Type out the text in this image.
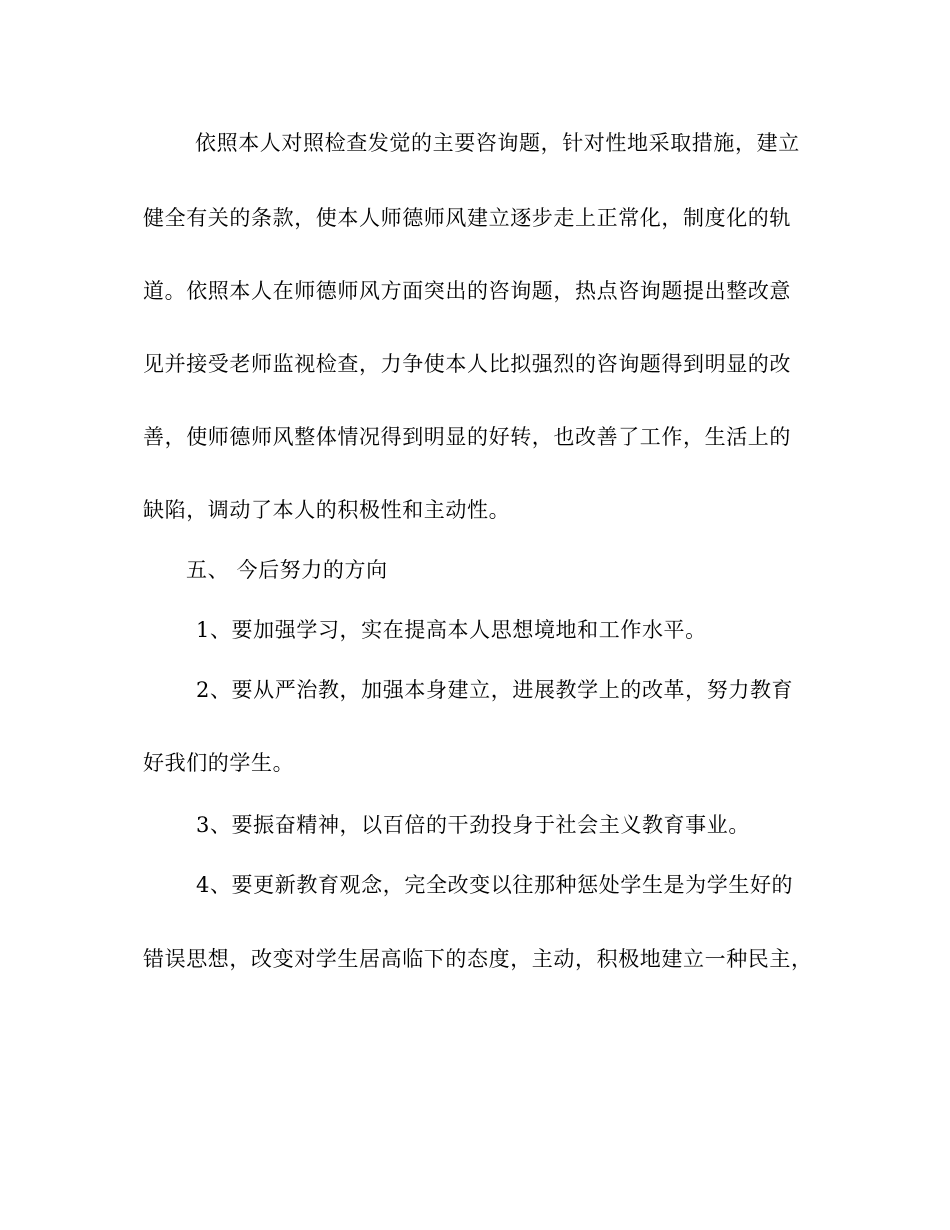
依照本人对照检查发觉的主要咨询题，针对性地采取措施，建立
健全有关的条款，使本人师德师风建立逐步走上正常化，制度化的轨
道。依照本人在师德师风方面突出的咨询题，热点咨询题提出整改意
见并接受老师监视检查，力争使本人比拟强烈的咨询题得到明显的改
善，使师德师风整体情况得到明显的好转，也改善了工作，生活上的
缺陷，调动了本人的积极性和主动性。
五、 今后努力的方向
1、要加强学习，实在提高本人思想境地和工作水平。
2、要从严治教，加强本身建立，进展教学上的改革，努力教育
好我们的学生。
3、要振奋精神，以百倍的干劲投身于社会主义教育事业。
4、要更新教育观念，完全改变以往那种惩处学生是为学生好的
错误思想，改变对学生居高临下的态度，主动，积极地建立一种民主，
